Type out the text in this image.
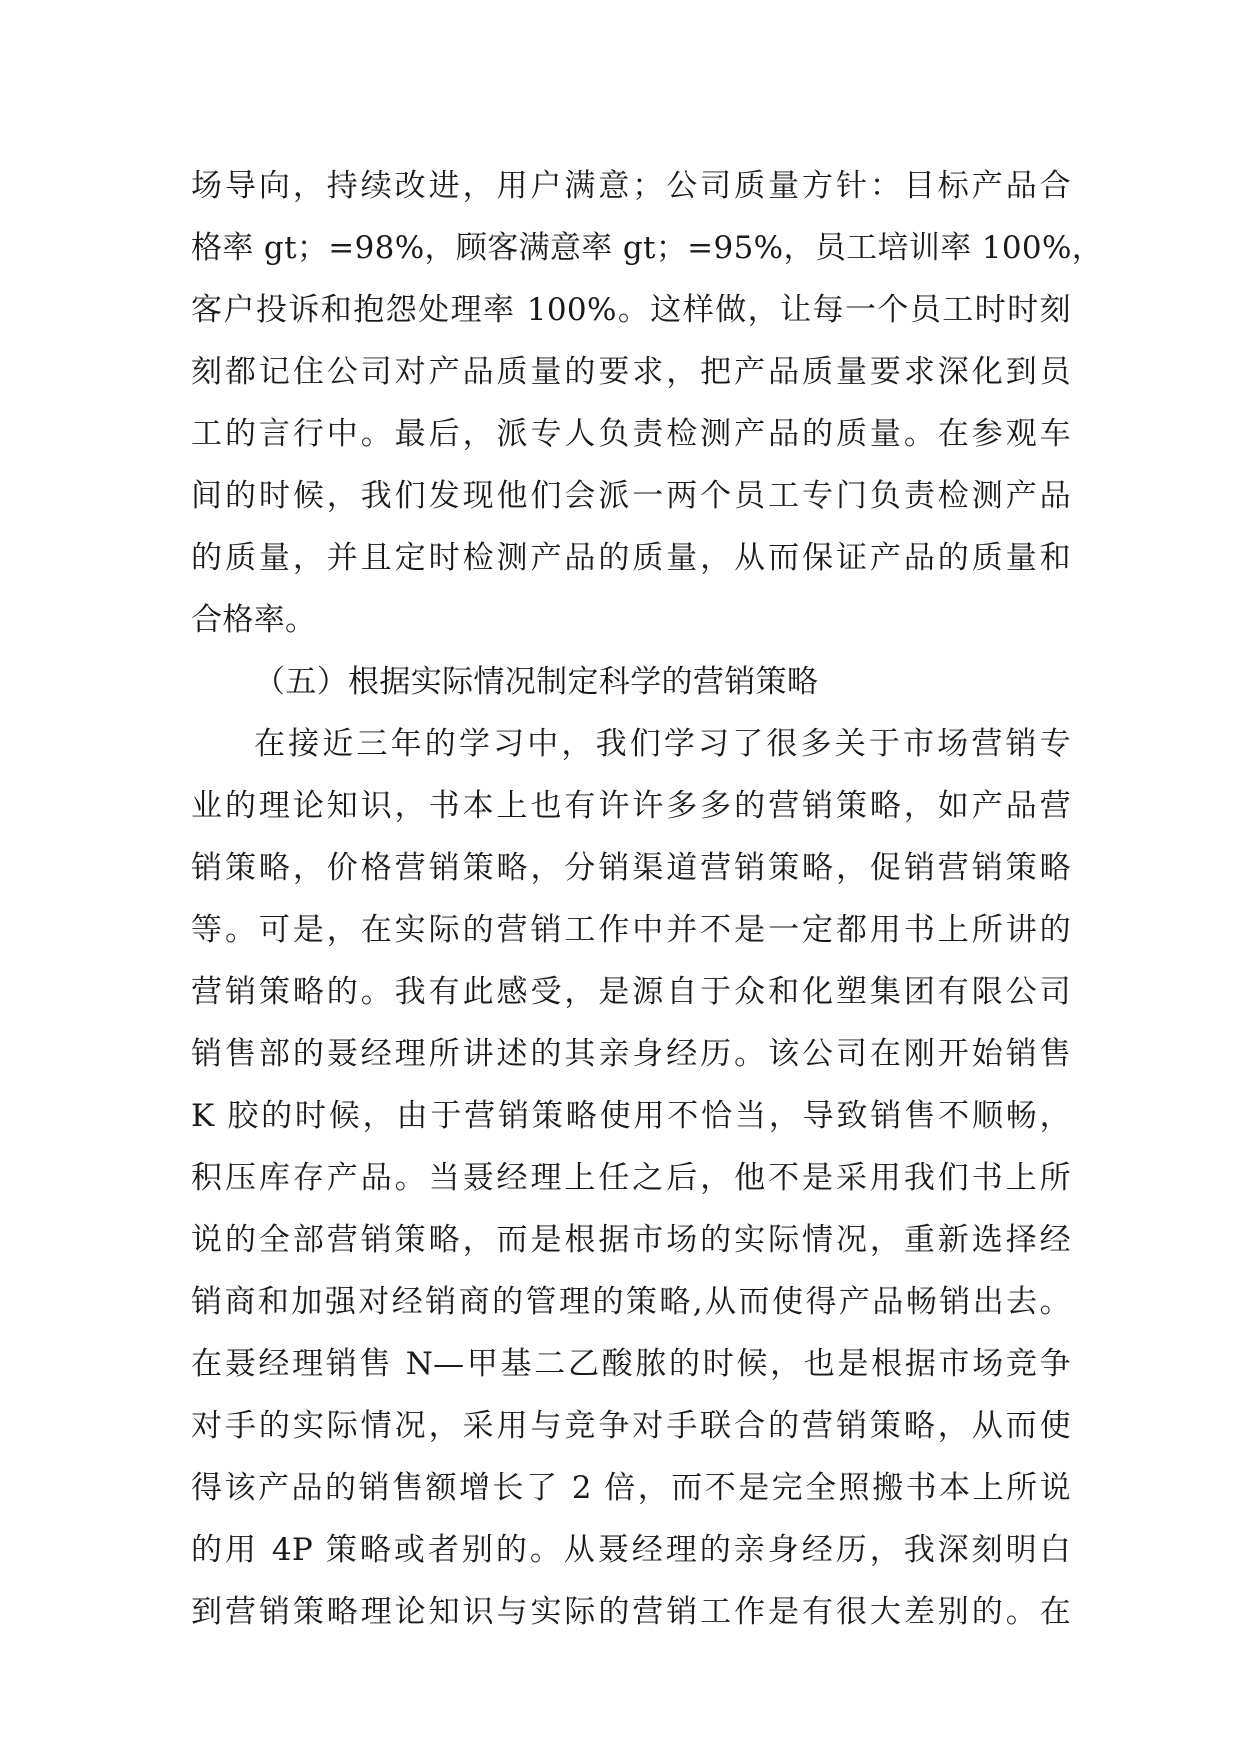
场导向，持续改进，用户满意；公司质量方针：目标产品合
格率 gt；=98%，顾客满意率 gt；=95%，员工培训率 100%，
客户投诉和抱怨处理率 100%。这样做，让每一个员工时时刻
刻都记住公司对产品质量的要求，把产品质量要求深化到员
工的言行中。最后，派专人负责检测产品的质量。在参观车
间的时候，我们发现他们会派一两个员工专门负责检测产品
的质量，并且定时检测产品的质量，从而保证产品的质量和
合格率。
（五）根据实际情况制定科学的营销策略
在接近三年的学习中，我们学习了很多关于市场营销专
业的理论知识，书本上也有许许多多的营销策略，如产品营
销策略，价格营销策略，分销渠道营销策略，促销营销策略
等。可是，在实际的营销工作中并不是一定都用书上所讲的
营销策略的。我有此感受，是源自于众和化塑集团有限公司
销售部的聂经理所讲述的其亲身经历。该公司在刚开始销售
K 胶的时候，由于营销策略使用不恰当，导致销售不顺畅，
积压库存产品。当聂经理上任之后，他不是采用我们书上所
说的全部营销策略，而是根据市场的实际情况，重新选择经
销商和加强对经销商的管理的策略,从而使得产品畅销出去。
在聂经理销售 N—甲基二乙酸脓的时候，也是根据市场竞争
对手的实际情况，采用与竞争对手联合的营销策略，从而使
得该产品的销售额增长了 2 倍，而不是完全照搬书本上所说
的用 4P 策略或者别的。从聂经理的亲身经历，我深刻明白
到营销策略理论知识与实际的营销工作是有很大差别的。在
